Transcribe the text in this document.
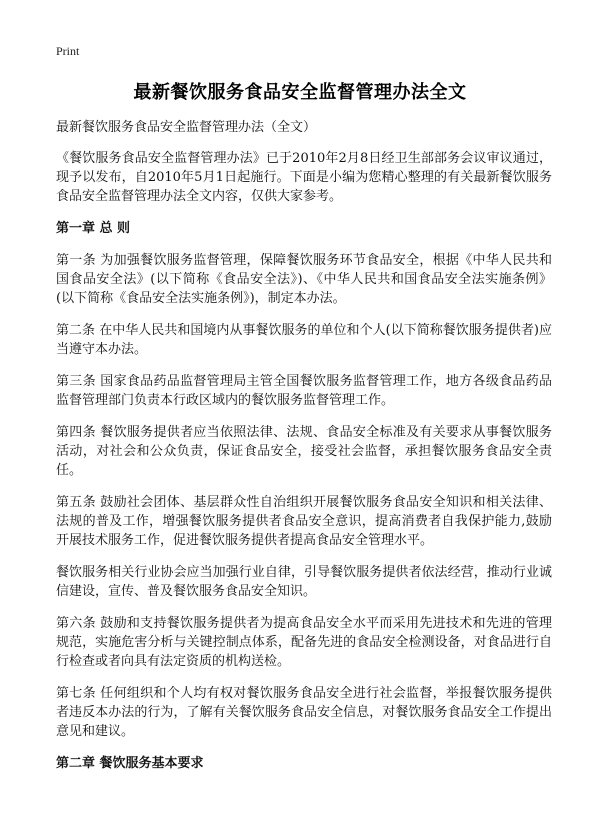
Print
最新餐饮服务食品安全监督管理办法全文

最新餐饮服务食品安全监督管理办法（全文）

《餐饮服务食品安全监督管理办法》已于2010年2月8日经卫生部部务会议审议通过，现予以发布，自2010年5月1日起施行。下面是小编为您精心整理的有关最新餐饮服务食品安全监督管理办法全文内容，仅供大家参考。

第一章 总 则

第一条 为加强餐饮服务监督管理，保障餐饮服务环节食品安全，根据《中华人民共和国食品安全法》(以下简称《食品安全法》)、《中华人民共和国食品安全法实施条例》(以下简称《食品安全法实施条例》)，制定本办法。

第二条 在中华人民共和国境内从事餐饮服务的单位和个人(以下简称餐饮服务提供者)应当遵守本办法。

第三条 国家食品药品监督管理局主管全国餐饮服务监督管理工作，地方各级食品药品监督管理部门负责本行政区域内的餐饮服务监督管理工作。

第四条 餐饮服务提供者应当依照法律、法规、食品安全标准及有关要求从事餐饮服务活动，对社会和公众负责，保证食品安全，接受社会监督，承担餐饮服务食品安全责任。

第五条 鼓励社会团体、基层群众性自治组织开展餐饮服务食品安全知识和相关法律、法规的普及工作，增强餐饮服务提供者食品安全意识，提高消费者自我保护能力,鼓励开展技术服务工作，促进餐饮服务提供者提高食品安全管理水平。

餐饮服务相关行业协会应当加强行业自律，引导餐饮服务提供者依法经营，推动行业诚信建设，宣传、普及餐饮服务食品安全知识。

第六条 鼓励和支持餐饮服务提供者为提高食品安全水平而采用先进技术和先进的管理规范，实施危害分析与关键控制点体系，配备先进的食品安全检测设备，对食品进行自行检查或者向具有法定资质的机构送检。

第七条 任何组织和个人均有权对餐饮服务食品安全进行社会监督，举报餐饮服务提供者违反本办法的行为，了解有关餐饮服务食品安全信息，对餐饮服务食品安全工作提出意见和建议。

第二章 餐饮服务基本要求
